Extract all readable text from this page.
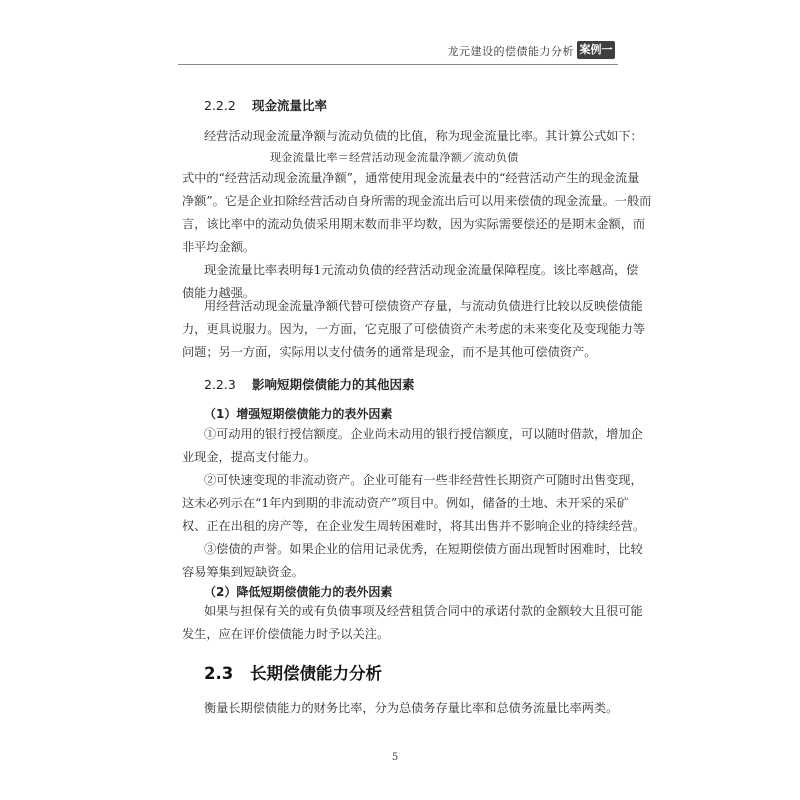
龙元建设的偿债能力分析 案例一
2.2.2 现金流量比率
经营活动现金流量净额与流动负债的比值，称为现金流量比率。其计算公式如下：
现金流量比率＝经营活动现金流量净额／流动负债
式中的“经营活动现金流量净额”，通常使用现金流量表中的“经营活动产生的现金流量
净额”。它是企业扣除经营活动自身所需的现金流出后可以用来偿债的现金流量。一般而
言，该比率中的流动负债采用期末数而非平均数，因为实际需要偿还的是期末金额，而
非平均金额。
现金流量比率表明每1元流动负债的经营活动现金流量保障程度。该比率越高，偿
债能力越强。
用经营活动现金流量净额代替可偿债资产存量，与流动负债进行比较以反映偿债能
力，更具说服力。因为，一方面，它克服了可偿债资产未考虑的未来变化及变现能力等
问题；另一方面，实际用以支付债务的通常是现金，而不是其他可偿债资产。
2.2.3 影响短期偿债能力的其他因素
（1）增强短期偿债能力的表外因素
①可动用的银行授信额度。企业尚未动用的银行授信额度，可以随时借款，增加企
业现金，提高支付能力。
②可快速变现的非流动资产。企业可能有一些非经营性长期资产可随时出售变现，
这未必列示在“1年内到期的非流动资产”项目中。例如，储备的土地、未开采的采矿
权、正在出租的房产等，在企业发生周转困难时，将其出售并不影响企业的持续经营。
③偿债的声誉。如果企业的信用记录优秀，在短期偿债方面出现暂时困难时，比较
容易筹集到短缺资金。
（2）降低短期偿债能力的表外因素
如果与担保有关的或有负债事项及经营租赁合同中的承诺付款的金额较大且很可能
发生，应在评价偿债能力时予以关注。
2.3 长期偿债能力分析
衡量长期偿债能力的财务比率，分为总债务存量比率和总债务流量比率两类。
5
